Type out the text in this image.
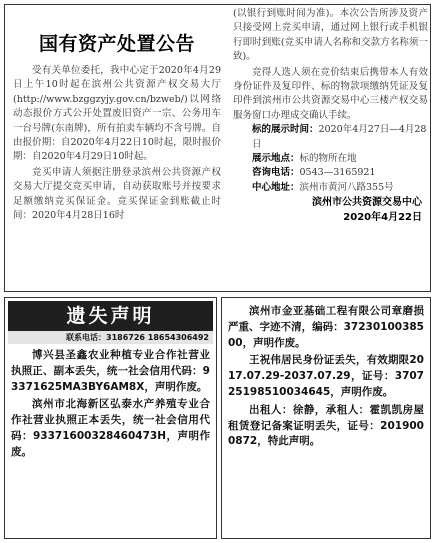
国有资产处置公告

受有关单位委托，我中心定于2020年4月29日上午10时起在滨州公共资源产权交易大厅(http://www.bzggzyjy.gov.cn/bzweb/)以网络动态报价方式公开处置废旧资产一宗、公务用车一台号牌(东南牌)，所有拍卖车辆均不含号牌。自由报价期：自2020年4月22日10时起，限时报价期：自2020年4月29日10时起。

竞买申请人须据注册登录滨州公共资源产权交易大厅提交竞买申请，自动获取账号并按要求足额缴纳竞买保证金。竞买保证金到账截止时间：2020年4月28日16时

(以银行到账时间为准)。本次公告所涉及资产只接受网上竞买申请，通过网上银行或手机银行即时到账(竞买申请人名称和交款方名称须一致)。

竞得人选人须在竞价结束后携带本人有效身份证件及复印件、标的物款项缴纳凭证及复印件到滨州市公共资源交易中心三楼产权交易服务窗口办理成交确认手续。

标的展示时间：2020年4月27日—4月28日
展示地点：标的物所在地
咨询电话：0543—3165921
中心地址：滨州市黄河八路355号
滨州市公共资源交易中心
2020年4月22日
遗失声明
联系电话：3186726 18654306492

博兴县圣鑫农业种植专业合作社营业执照正、副本丢失，统一社会信用代码：93371625MA3BY6AM8X，声明作废。

滨州市北海新区弘泰水产养殖专业合作社营业执照正本丢失，统一社会信用代码：93371600328460473H，声明作废。

滨州市金亚基础工程有限公司章磨损严重、字迹不清，编码：3723010038500，声明作废。

王祝伟居民身份证丢失，有效期限2017.07.29-2037.07.29，证号：370725198510034645，声明作废。

出租人：徐静，承租人：霍凯凯房屋租赁登记备案证明丢失，证号：2019000872，特此声明。
